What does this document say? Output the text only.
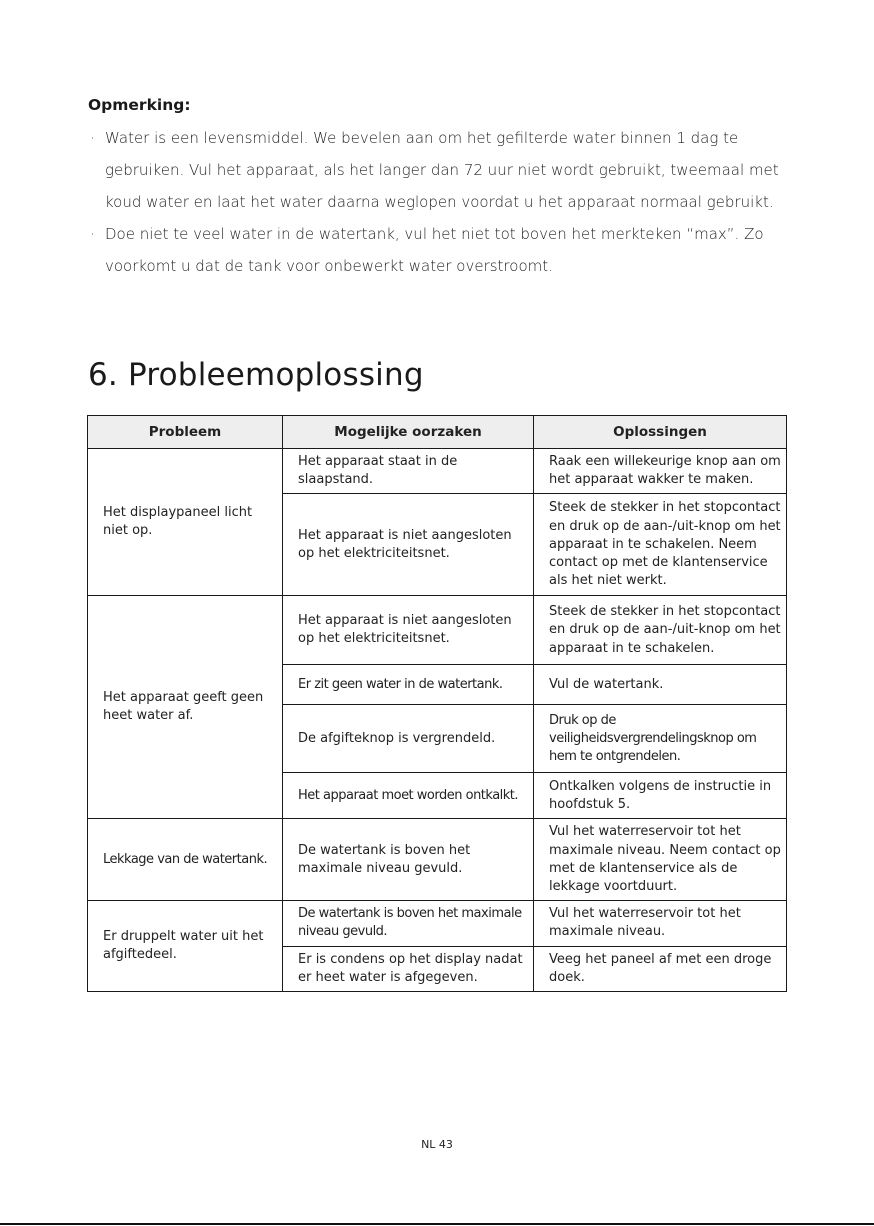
Opmerking:
· Water is een levensmiddel. We bevelen aan om het gefilterde water binnen 1 dag te gebruiken. Vul het apparaat, als het langer dan 72 uur niet wordt gebruikt, tweemaal met koud water en laat het water daarna weglopen voordat u het apparaat normaal gebruikt.
· Doe niet te veel water in de watertank, vul het niet tot boven het merkteken “max”. Zo voorkomt u dat de tank voor onbewerkt water overstroomt.
6. Probleemoplossing
Probleem	Mogelijke oorzaken	Oplossingen
Het displaypaneel licht niet op.	Het apparaat staat in de slaapstand.	Raak een willekeurige knop aan om het apparaat wakker te maken.
	Het apparaat is niet aangesloten op het elektriciteitsnet.	Steek de stekker in het stopcontact en druk op de aan-/uit-knop om het apparaat in te schakelen. Neem contact op met de klantenservice als het niet werkt.
Het apparaat geeft geen heet water af.	Het apparaat is niet aangesloten op het elektriciteitsnet.	Steek de stekker in het stopcontact en druk op de aan-/uit-knop om het apparaat in te schakelen.
	Er zit geen water in de watertank.	Vul de watertank.
	De afgifteknop is vergrendeld.	Druk op de veiligheidsvergrendelingsknop om hem te ontgrendelen.
	Het apparaat moet worden ontkalkt.	Ontkalken volgens de instructie in hoofdstuk 5.
Lekkage van de watertank.	De watertank is boven het maximale niveau gevuld.	Vul het waterreservoir tot het maximale niveau. Neem contact op met de klantenservice als de lekkage voortduurt.
Er druppelt water uit het afgiftedeel.	De watertank is boven het maximale niveau gevuld.	Vul het waterreservoir tot het maximale niveau.
	Er is condens op het display nadat er heet water is afgegeven.	Veeg het paneel af met een droge doek.
NL 43
